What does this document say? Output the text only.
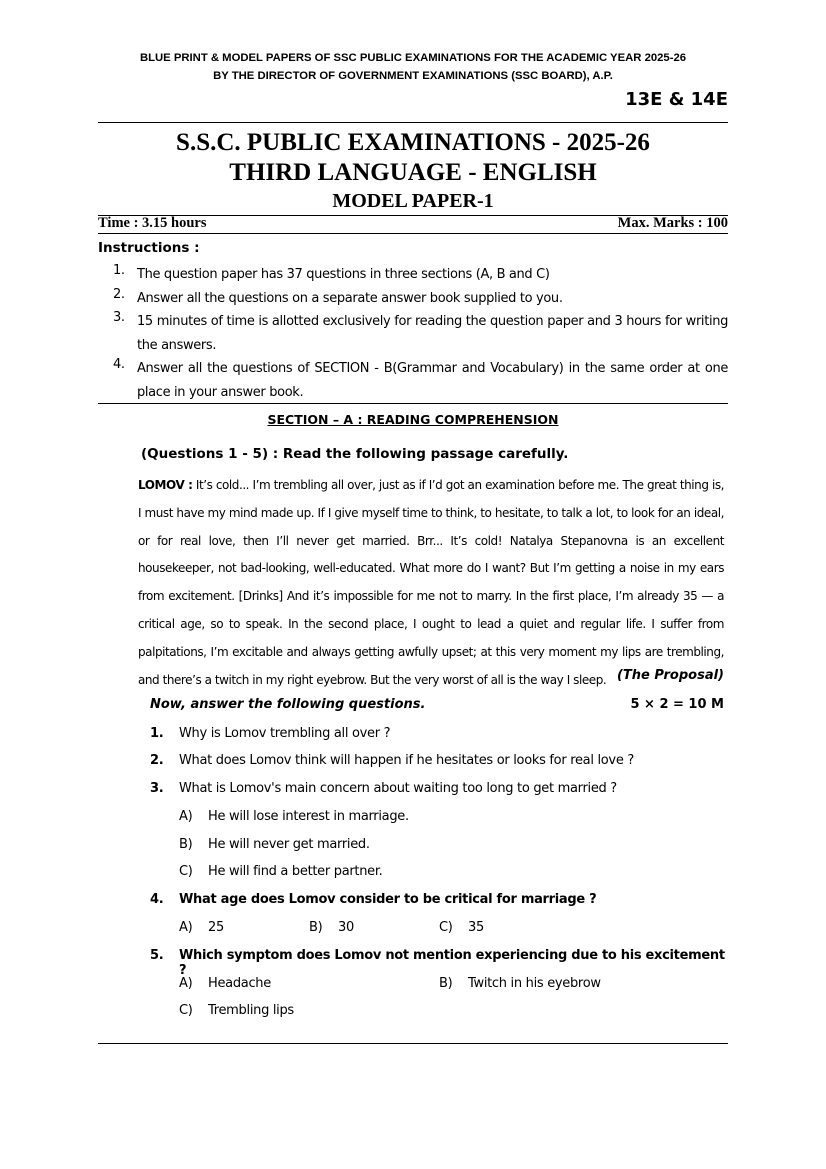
BLUE PRINT & MODEL PAPERS OF SSC PUBLIC EXAMINATIONS FOR THE ACADEMIC YEAR 2025-26
BY THE DIRECTOR OF GOVERNMENT EXAMINATIONS (SSC BOARD), A.P.
13E & 14E
S.S.C. PUBLIC EXAMINATIONS - 2025-26
THIRD LANGUAGE - ENGLISH
MODEL PAPER-1
Time : 3.15 hours	Max. Marks : 100
Instructions :
1. The question paper has 37 questions in three sections (A, B and C)
2. Answer all the questions on a separate answer book supplied to you.
3. 15 minutes of time is allotted exclusively for reading the question paper and 3 hours for writing the answers.
4. Answer all the questions of SECTION - B(Grammar and Vocabulary) in the same order at one place in your answer book.
SECTION – A : READING COMPREHENSION
(Questions 1 - 5) : Read the following passage carefully.
LOMOV : It’s cold... I’m trembling all over, just as if I’d got an examination before me. The great thing is, I must have my mind made up. If I give myself time to think, to hesitate, to talk a lot, to look for an ideal, or for real love, then I’ll never get married. Brr... It’s cold! Natalya Stepanovna is an excellent housekeeper, not bad-looking, well-educated. What more do I want? But I’m getting a noise in my ears from excitement. [Drinks] And it’s impossible for me not to marry. In the first place, I’m already 35 — a critical age, so to speak. In the second place, I ought to lead a quiet and regular life. I suffer from palpitations, I’m excitable and always getting awfully upset; at this very moment my lips are trembling, and there’s a twitch in my right eyebrow. But the very worst of all is the way I sleep. (The Proposal)
Now, answer the following questions.	5 × 2 = 10 M
1. Why is Lomov trembling all over ?
2. What does Lomov think will happen if he hesitates or looks for real love ?
3. What is Lomov's main concern about waiting too long to get married ?
A) He will lose interest in marriage.
B) He will never get married.
C) He will find a better partner.
4. What age does Lomov consider to be critical for marriage ?
A) 25	B) 30	C) 35
5. Which symptom does Lomov not mention experiencing due to his excitement ?
A) Headache	B) Twitch in his eyebrow
C) Trembling lips
